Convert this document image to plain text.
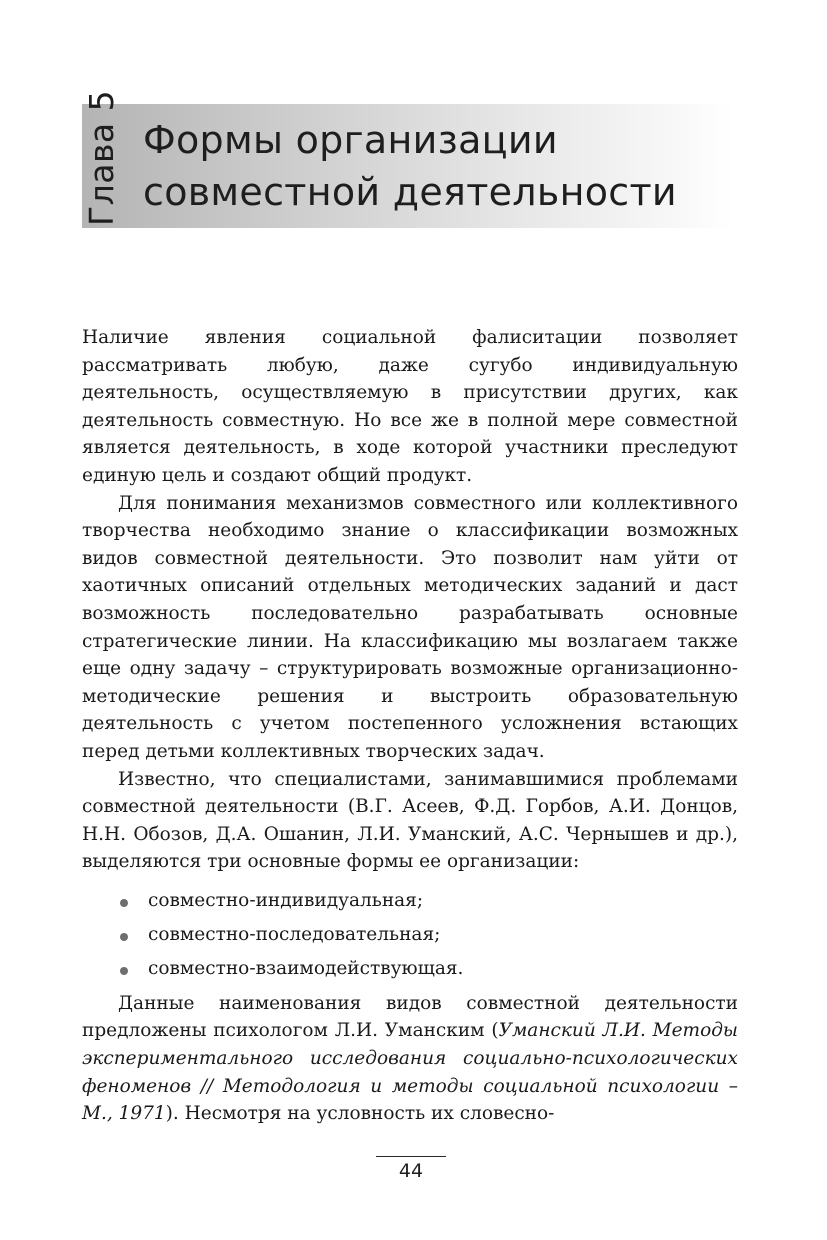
Глава 5 Формы организации
совместной деятельности

Наличие явления социальной фалиситации позволяет рассматривать любую, даже сугубо индивидуальную деятельность, осуществляемую в присутствии других, как деятельность совместную. Но все же в полной мере совместной является деятельность, в ходе которой участники преследуют единую цель и создают общий продукт.

Для понимания механизмов совместного или коллективного творчества необходимо знание о классификации возможных видов совместной деятельности. Это позволит нам уйти от хаотичных описаний отдельных методических заданий и даст возможность последовательно разрабатывать основные стратегические линии. На классификацию мы возлагаем также еще одну задачу – структурировать возможные организационно-методические решения и выстроить образовательную деятельность с учетом постепенного усложнения встающих перед детьми коллективных творческих задач.

Известно, что специалистами, занимавшимися проблемами совместной деятельности (В.Г. Асеев, Ф.Д. Горбов, А.И. Донцов, Н.Н. Обозов, Д.А. Ошанин, Л.И. Уманский, А.С. Чернышев и др.), выделяются три основные формы ее организации:

совместно-индивидуальная;
совместно-последовательная;
совместно-взаимодействующая.

Данные наименования видов совместной деятельности предложены психологом Л.И. Уманским (Уманский Л.И. Методы экспериментального исследования социально-психологических феноменов // Методология и методы социальной психологии – М., 1971). Несмотря на условность их словесно-

44
